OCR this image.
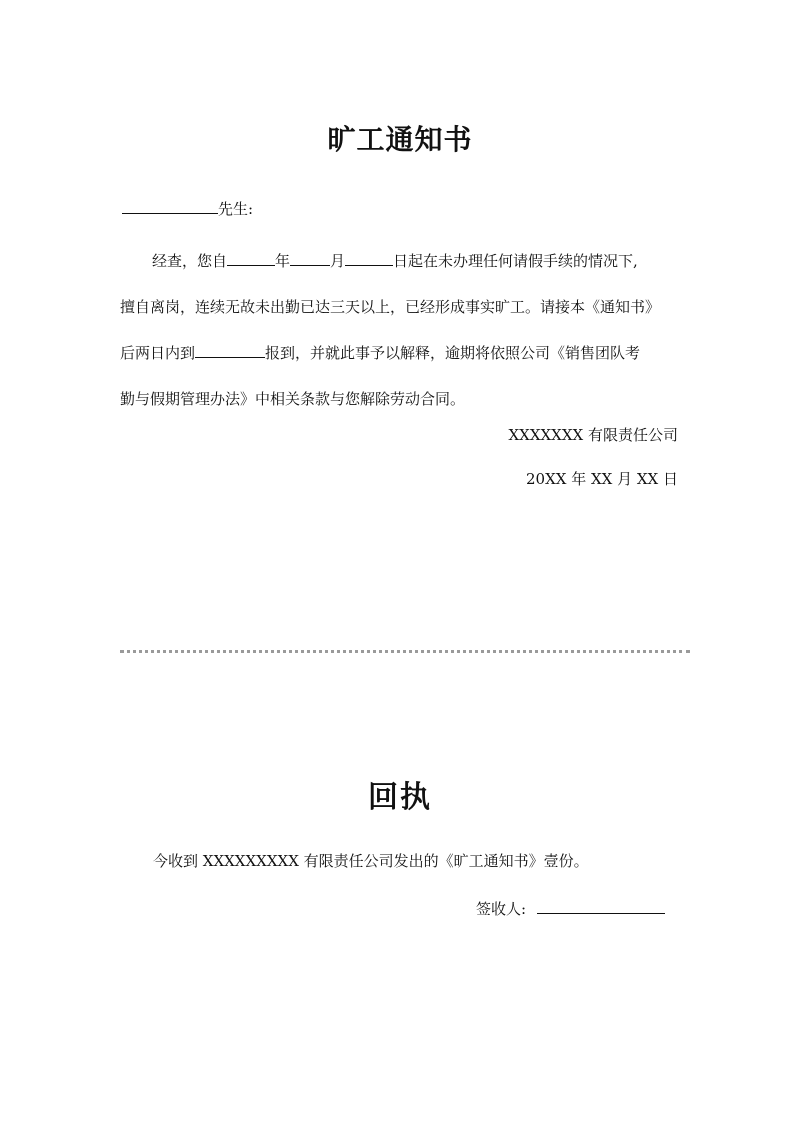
旷工通知书
先生:

经查，您自	年	月	日起在未办理任何请假手续的情况下,

擅自离岗，连续无故未出勤已达三天以上，已经形成事实旷工。请接本《通知书》

后两日内到	报到，并就此事予以解释，逾期将依照公司《销售团队考

勤与假期管理办法》中相关条款与您解除劳动合同。

XXXXXXX 有限责任公司
20XX 年 XX 月 XX 日
回执
今收到 XXXXXXXXX 有限责任公司发出的《旷工通知书》壹份。
签收人:
